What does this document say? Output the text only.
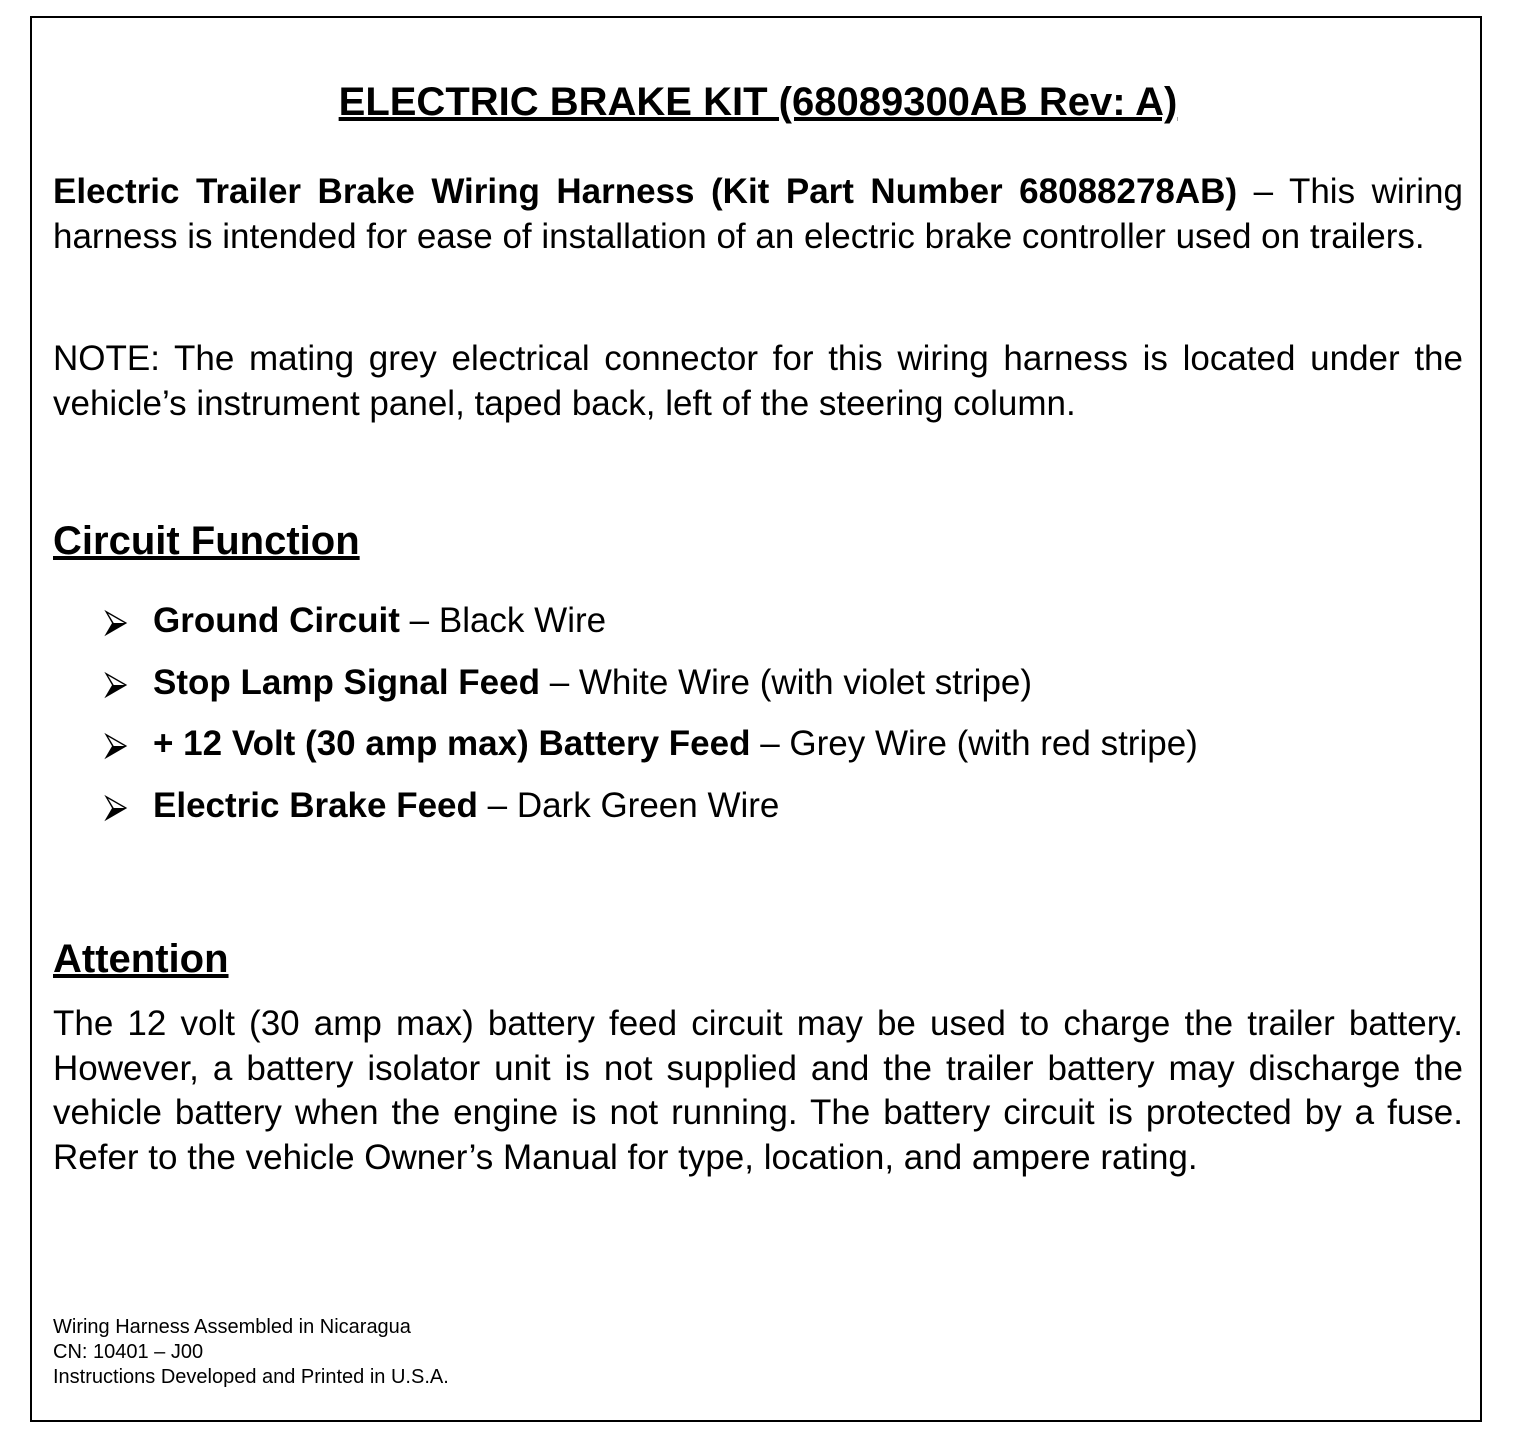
ELECTRIC BRAKE KIT (68089300AB Rev: A)

Electric Trailer Brake Wiring Harness (Kit Part Number 68088278AB) – This wiring harness is intended for ease of installation of an electric brake controller used on trailers.

NOTE: The mating grey electrical connector for this wiring harness is located under the vehicle’s instrument panel, taped back, left of the steering column.

Circuit Function
⮚ Ground Circuit – Black Wire
⮚ Stop Lamp Signal Feed – White Wire (with violet stripe)
⮚ + 12 Volt (30 amp max) Battery Feed – Grey Wire (with red stripe)
⮚ Electric Brake Feed – Dark Green Wire
Attention

The 12 volt (30 amp max) battery feed circuit may be used to charge the trailer battery. However, a battery isolator unit is not supplied and the trailer battery may discharge the vehicle battery when the engine is not running. The battery circuit is protected by a fuse. Refer to the vehicle Owner’s Manual for type, location, and ampere rating.

Wiring Harness Assembled in Nicaragua
CN: 10401 – J00
Instructions Developed and Printed in U.S.A.
